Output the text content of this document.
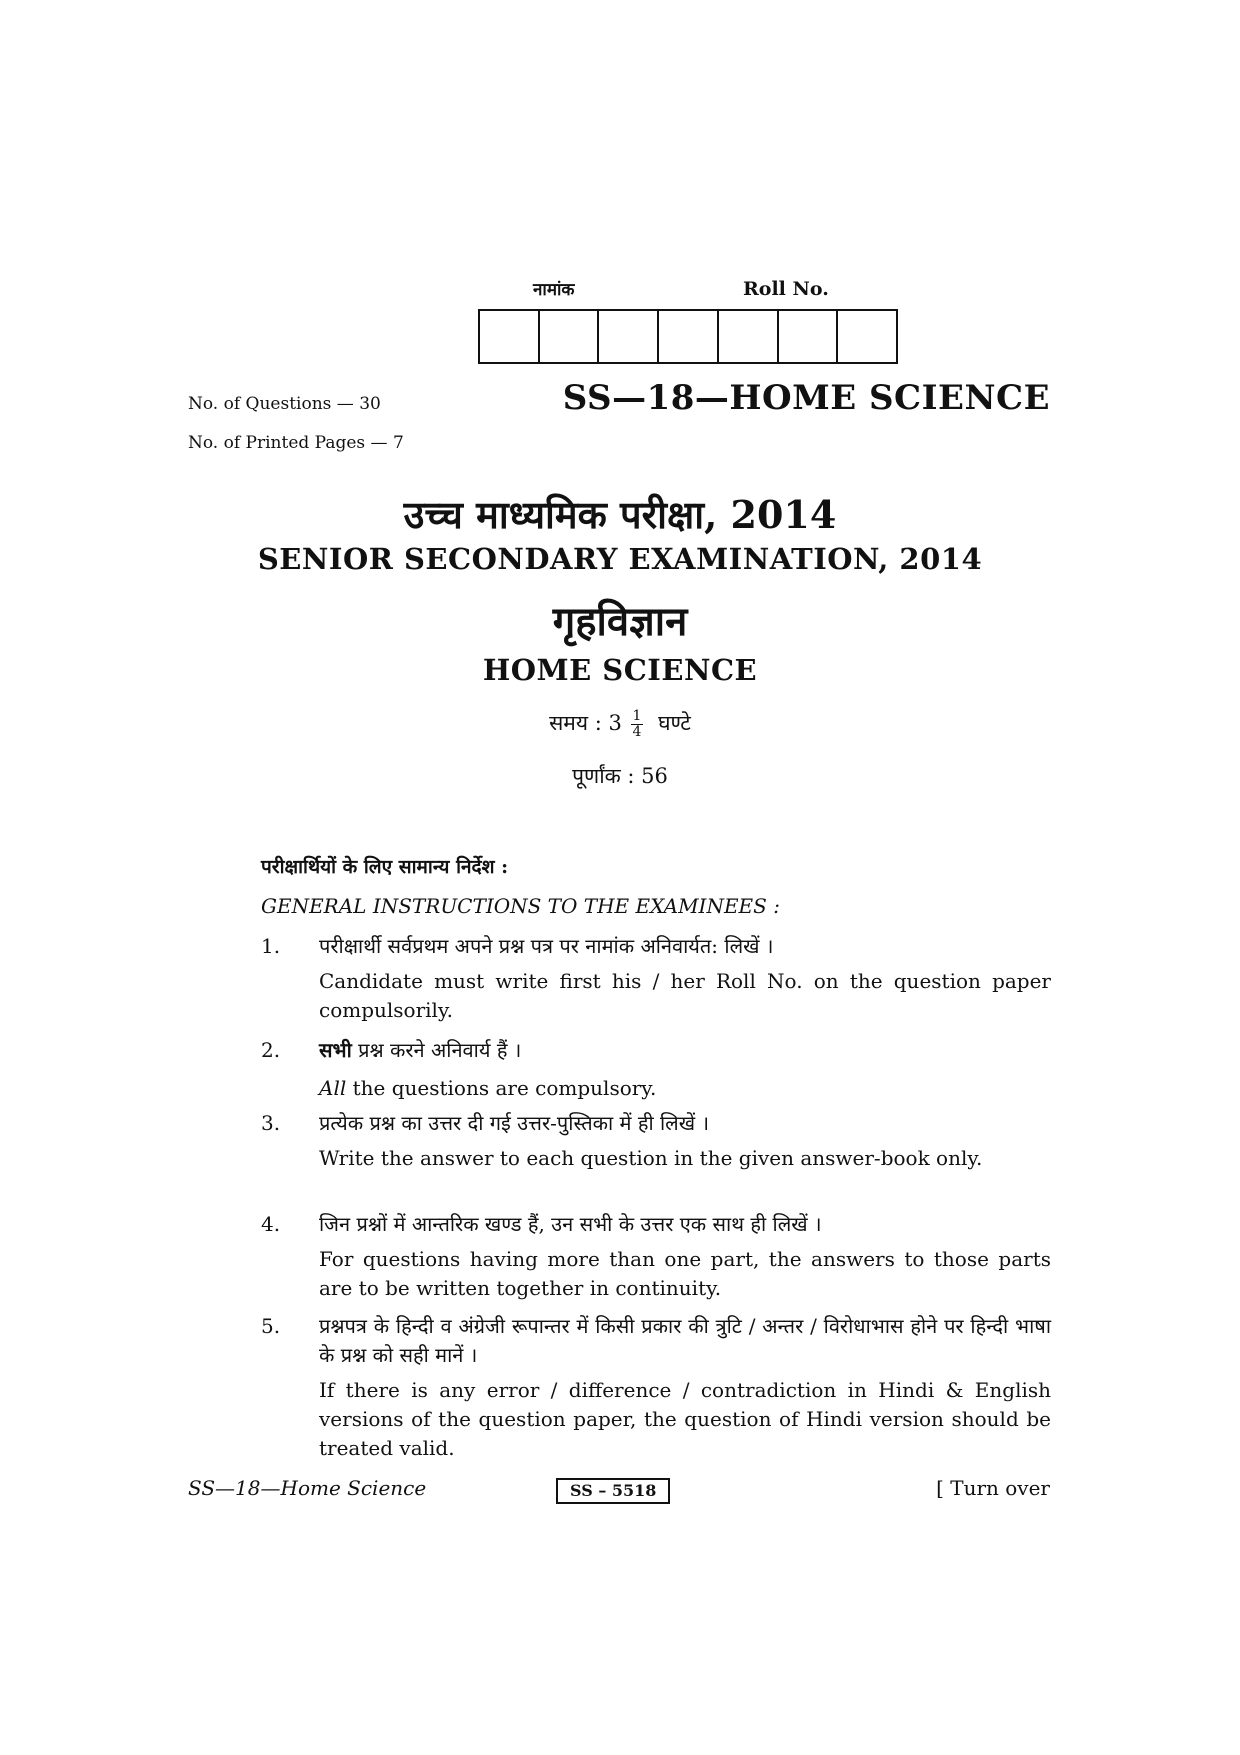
नामांक	Roll No.
No. of Questions — 30
No. of Printed Pages — 7
SS—18—HOME SCIENCE
उच्च माध्यमिक परीक्षा, 2014
SENIOR SECONDARY EXAMINATION, 2014
गृहविज्ञान
HOME SCIENCE
समय : $3 \frac{1}{4}$ घण्टे
पूर्णांक : 56
परीक्षार्थियों के लिए सामान्य निर्देश :
GENERAL INSTRUCTIONS TO THE EXAMINEES :
1. परीक्षार्थी सर्वप्रथम अपने प्रश्न पत्र पर नामांक अनिवार्यत: लिखें ।
Candidate must write first his / her Roll No. on the question paper compulsorily.
2. सभी प्रश्न करने अनिवार्य हैं ।
All the questions are compulsory.
3. प्रत्येक प्रश्न का उत्तर दी गई उत्तर-पुस्तिका में ही लिखें ।
Write the answer to each question in the given answer-book only.
4. जिन प्रश्नों में आन्तरिक खण्ड हैं, उन सभी के उत्तर एक साथ ही लिखें ।
For questions having more than one part, the answers to those parts are to be written together in continuity.
5. प्रश्नपत्र के हिन्दी व अंग्रेजी रूपान्तर में किसी प्रकार की त्रुटि / अन्तर / विरोधाभास होने पर हिन्दी भाषा के प्रश्न को सही मानें ।
If there is any error / difference / contradiction in Hindi & English versions of the question paper, the question of Hindi version should be treated valid.
SS—18—Home Science	SS – 5518	[ Turn over
